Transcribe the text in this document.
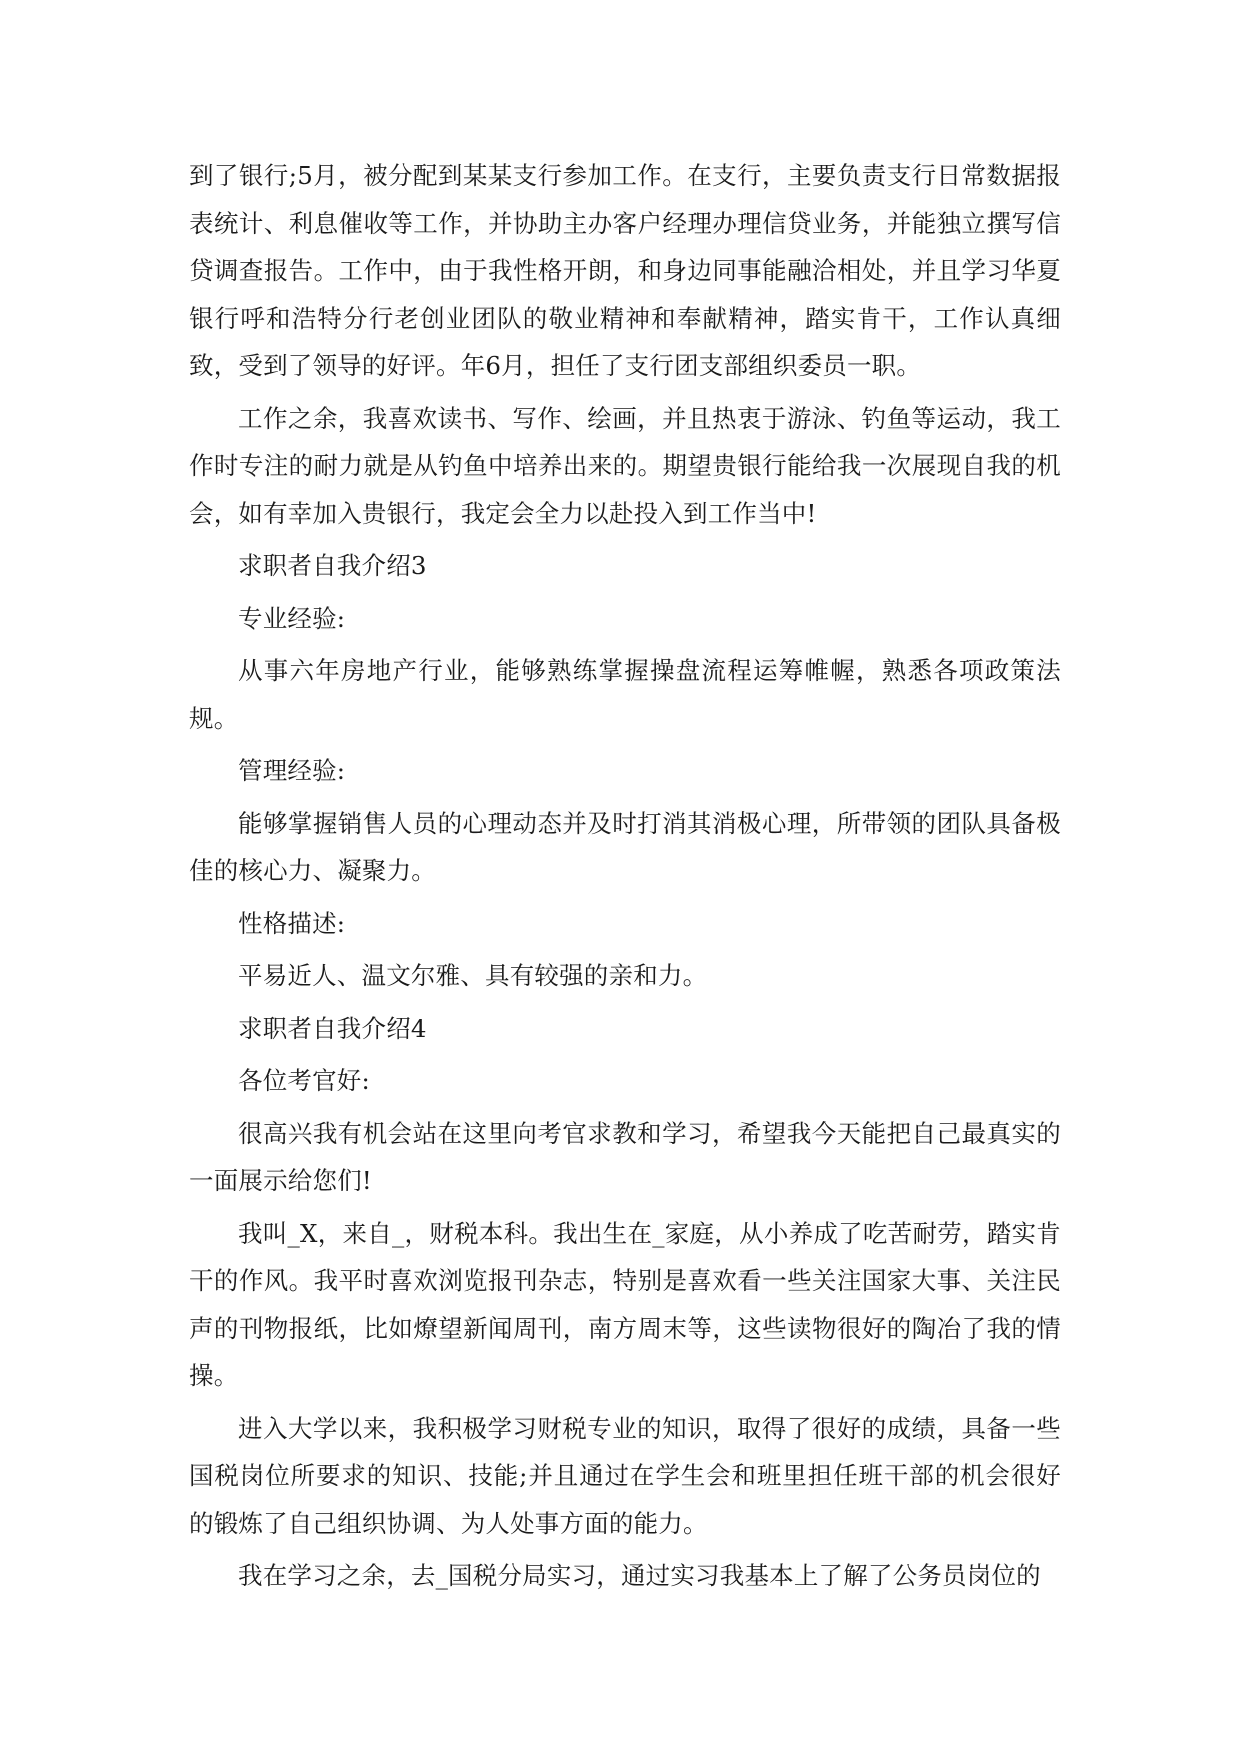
到了银行;5月，被分配到某某支行参加工作。在支行，主要负责支行日常数据报表统计、利息催收等工作，并协助主办客户经理办理信贷业务，并能独立撰写信贷调查报告。工作中，由于我性格开朗，和身边同事能融洽相处，并且学习华夏银行呼和浩特分行老创业团队的敬业精神和奉献精神，踏实肯干，工作认真细致，受到了领导的好评。年6月，担任了支行团支部组织委员一职。

工作之余，我喜欢读书、写作、绘画，并且热衷于游泳、钓鱼等运动，我工作时专注的耐力就是从钓鱼中培养出来的。期望贵银行能给我一次展现自我的机会，如有幸加入贵银行，我定会全力以赴投入到工作当中!

求职者自我介绍3

专业经验:

从事六年房地产行业，能够熟练掌握操盘流程运筹帷幄，熟悉各项政策法规。

管理经验:

能够掌握销售人员的心理动态并及时打消其消极心理，所带领的团队具备极佳的核心力、凝聚力。

性格描述:

平易近人、温文尔雅、具有较强的亲和力。

求职者自我介绍4

各位考官好:

很高兴我有机会站在这里向考官求教和学习，希望我今天能把自己最真实的一面展示给您们!

我叫_X，来自_，财税本科。我出生在_家庭，从小养成了吃苦耐劳，踏实肯干的作风。我平时喜欢浏览报刊杂志，特别是喜欢看一些关注国家大事、关注民声的刊物报纸，比如燎望新闻周刊，南方周末等，这些读物很好的陶冶了我的情操。

进入大学以来，我积极学习财税专业的知识，取得了很好的成绩，具备一些国税岗位所要求的知识、技能;并且通过在学生会和班里担任班干部的机会很好的锻炼了自己组织协调、为人处事方面的能力。

我在学习之余，去_国税分局实习，通过实习我基本上了解了公务员岗位的
